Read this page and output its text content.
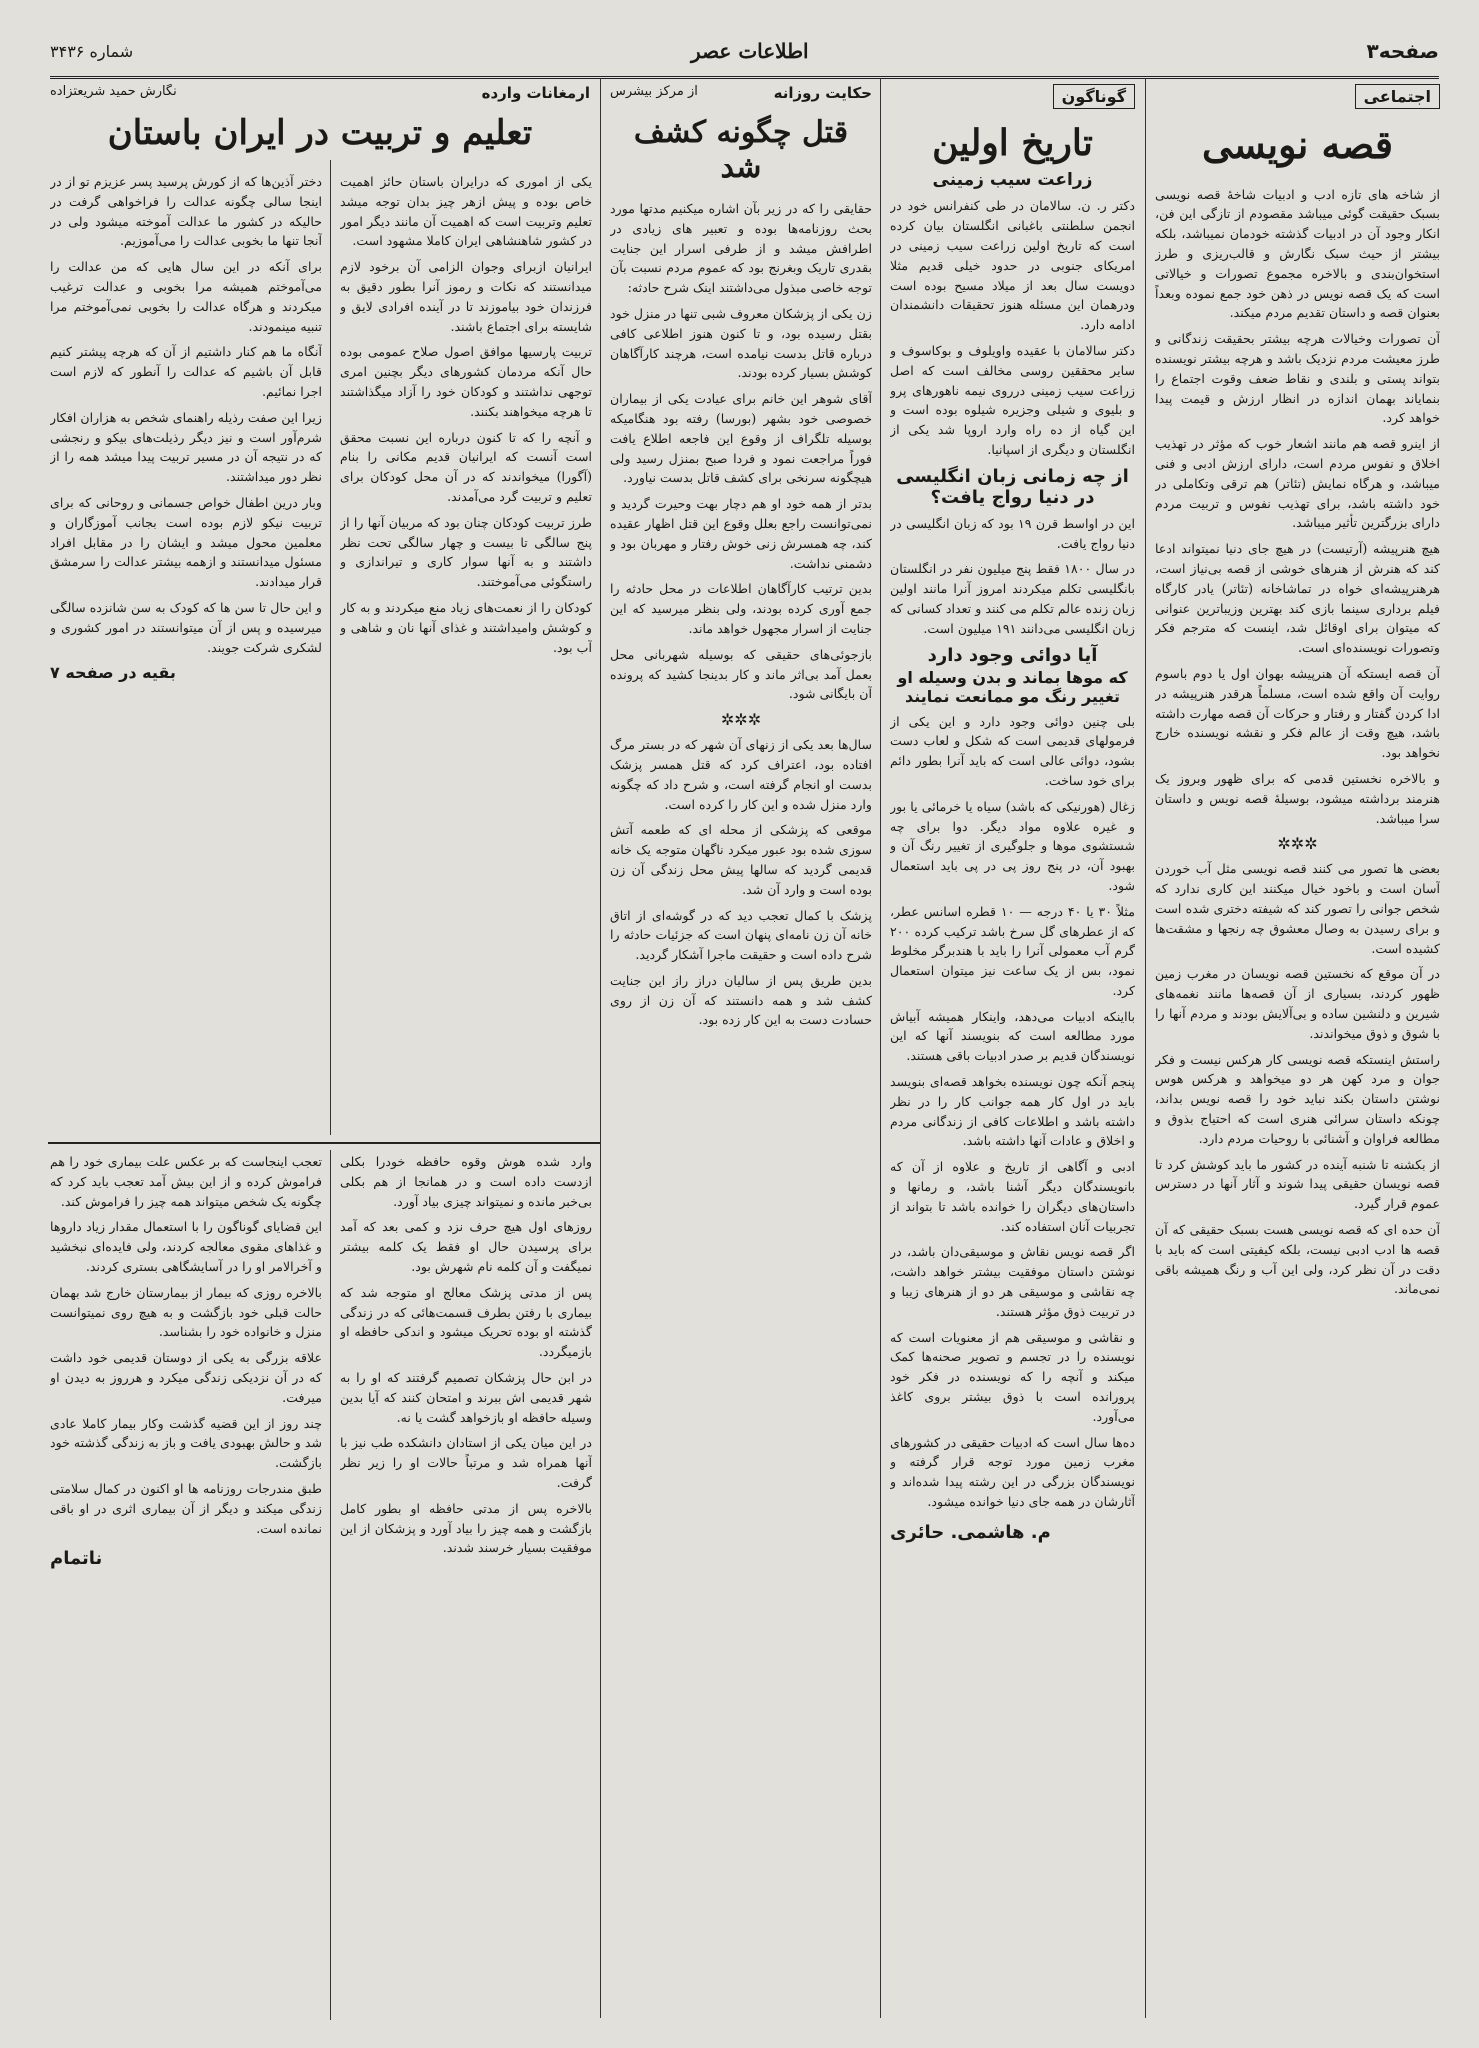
صفحه۳
اطلاعات عصر
شماره ۳۴۳۶
اجتماعی
قصه نویسی

از شاخه های تازه ادب و ادبیات شاخهٔ قصه نویسی بسبک حقیقت گوئی میباشد مقصودم از تازگی این فن، انکار وجود آن در ادبیات گذشته خودمان نمیباشد، بلکه بیشتر از حیث سبک نگارش و قالب‌ریزی و طرز استخوان‌بندی و بالاخره مجموع تصورات و خیالاتی است که یک قصه نویس در ذهن خود جمع نموده وبعداً بعنوان قصه و داستان تقدیم مردم میکند.

آن تصورات وخیالات هرچه بیشتر بحقیقت زندگانی و طرز معیشت مردم نزدیک باشد و هرچه بیشتر نویسنده بتواند پستی و بلندی و نقاط ضعف وقوت اجتماع را بنمایاند بهمان اندازه در انظار ارزش و قیمت پیدا خواهد کرد.

از اینرو قصه هم مانند اشعار خوب که مؤثر در تهذیب اخلاق و نفوس مردم است، دارای ارزش ادبی و فنی میباشد، و هرگاه نمایش (تئاتر) هم ترقی وتکاملی در خود داشته باشد، برای تهذیب نفوس و تربیت مردم دارای بزرگترین تأثیر میباشد.

هیچ هنرپیشه (آرتیست) در هیچ جای دنیا نمیتواند ادعا کند که هنرش از هنرهای خوشی از قصه بی‌نیاز است، هرهنرپیشه‌ای خواه در تماشاخانه (تئاتر) یادر کارگاه فیلم برداری سینما بازی کند بهترین وزیباترین عنوانی که میتوان برای اوقائل شد، اینست که مترجم فکر وتصورات نویسنده‌ای است.

آن قصه ایستکه آن هنرپیشه بهوان اول یا دوم باسوم روایت آن واقع شده است، مسلماً هرقدر هنرپیشه در ادا کردن گفتار و رفتار و حرکات آن قصه مهارت داشته باشد، هیچ وقت از عالم فکر و نقشه نویسنده خارج نخواهد بود.

و بالاخره نخستین قدمی که برای ظهور وبروز یک هنرمند برداشته میشود، بوسیلهٔ قصه نویس و داستان سرا میباشد.

✲✲✲

بعضی ها تصور می کنند قصه نویسی مثل آب خوردن آسان است و باخود خیال میکنند این کاری ندارد که شخص جوانی را تصور کند که شیفته دختری شده است و برای رسیدن به وصال معشوق چه رنجها و مشقت‌ها کشیده است.

در آن موقع که نخستین قصه نویسان در مغرب زمین ظهور کردند، بسیاری از آن قصه‌ها مانند نغمه‌های شیرین و دلنشین ساده و بی‌آلایش بودند و مردم آنها را با شوق و ذوق میخواندند.

راستش اینستکه قصه نویسی کار هرکس نیست و فکر جوان و مرد کهن هر دو میخواهد و هرکس هوس نوشتن داستان بکند نباید خود را قصه نویس بداند، چونکه داستان سرائی هنری است که احتیاج بذوق و مطالعه فراوان و آشنائی با روحیات مردم دارد.

از بکشنه تا شنبه آینده در کشور ما باید کوشش کرد تا قصه نویسان حقیقی پیدا شوند و آثار آنها در دسترس عموم قرار گیرد.

آن حده ای که قصه نویسی هست بسبک حقیقی که آن قصه ها ادب ادبی نیست، بلکه کیفیتی است که باید با دقت در آن نظر کرد، ولی این آب و رنگ همیشه باقی نمی‌ماند.

گوناگون
تاریخ اولین
زراعت سیب زمینی

دکتر ر. ن. سالامان در طی کنفرانس خود در انجمن سلطنتی باغبانی انگلستان بیان کرده است که تاریخ اولین زراعت سیب زمینی در امریکای جنوبی در حدود خیلی قدیم مثلا دویست سال بعد از میلاد مسیح بوده است ودرهمان این مسئله هنوز تحقیقات دانشمندان ادامه دارد.

دکتر سالامان با عقیده واویلوف و بوکاسوف و سایر محققین روسی مخالف است که اصل زراعت سیب زمینی درروی نیمه ناهورهای پرو و بلیوی و شیلی وجزیره شیلوه بوده است و این گیاه از ده راه وارد اروپا شد یکی از انگلستان و دیگری از اسپانیا.

از چه زمانی زبان انگلیسی در دنیا رواج یافت؟

این در اواسط قرن ۱۹ بود که زبان انگلیسی در دنیا رواج یافت.

در سال ۱۸۰۰ فقط پنج میلیون نفر در انگلستان بانگلیسی تکلم میکردند امروز آنرا مانند اولین زبان زنده عالم تکلم می کنند و تعداد کسانی که زبان انگلیسی می‌دانند ۱۹۱ میلیون است.

آیا دوائی وجود دارد
که موها بماند و بدن وسیله او تغییر رنگ مو ممانعت نمایند

بلی چنین دوائی وجود دارد و این یکی از فرمولهای قدیمی است که شکل و لعاب دست بشود، دوائی عالی است که باید آنرا بطور دائم برای خود ساخت.

زغال (هورنیکی که باشد) سیاه یا خرمائی یا بور و غیره علاوه مواد دیگر. دوا برای چه شستشوی موها و جلوگیری از تغییر رنگ آن و بهبود آن، در پنج روز پی در پی باید استعمال شود.

مثلاً ۳۰ یا ۴۰ درجه — ۱۰ قطره اسانس عطر، که از عطرهای گل سرخ باشد ترکیب کرده ۲۰۰ گرم آب معمولی آنرا را باید با هندبرگر مخلوط نمود، بس از یک ساعت نیز میتوان استعمال کرد.

بااینکه ادبیات می‌دهد، واینکار همیشه آبیاش مورد مطالعه است که بنویسند آنها که این نویسندگان قدیم بر صدر ادبیات باقی هستند.

پنجم آنکه چون نویسنده بخواهد قصه‌ای بنویسد باید در اول کار همه جوانب کار را در نظر داشته باشد و اطلاعات کافی از زندگانی مردم و اخلاق و عادات آنها داشته باشد.

ادبی و آگاهی از تاریخ و علاوه از آن که بانویسندگان دیگر آشنا باشد، و رمانها و داستان‌های دیگران را خوانده باشد تا بتواند از تجربیات آنان استفاده کند.

اگر قصه نویس نقاش و موسیقی‌دان باشد، در نوشتن داستان موفقیت بیشتر خواهد داشت، چه نقاشی و موسیقی هر دو از هنرهای زیبا و در تربیت ذوق مؤثر هستند.

و نقاشی و موسیقی هم از معنویات است که نویسنده را در تجسم و تصویر صحنه‌ها کمک میکند و آنچه را که نویسنده در فکر خود پرورانده است با ذوق بیشتر بروی کاغذ می‌آورد.

ده‌ها سال است که ادبیات حقیقی در کشورهای مغرب زمین مورد توجه قرار گرفته و نویسندگان بزرگی در این رشته پیدا شده‌اند و آثارشان در همه جای دنیا خوانده میشود.

م. هاشمی. حائری
حکایت روزانه
از مرکز بیشرس
قتل چگونه کشف شد

حقایقی را که در زیر بآن اشاره میکنیم مدتها مورد بحث روزنامه‌ها بوده و تعبیر های زیادی در اطرافش میشد و از طرفی اسرار این جنایت بقدری تاریک وبغرنج بود که عموم مردم نسبت بآن توجه خاصی مبذول می‌داشتند اینک شرح حادثه:

زن یکی از پزشکان معروف شبی تنها در منزل خود بقتل رسیده بود، و تا کنون هنوز اطلاعی کافی درباره قاتل بدست نیامده است، هرچند کارآگاهان کوشش بسیار کرده بودند.

آقای شوهر این خانم برای عیادت یکی از بیماران خصوصی خود بشهر (بورسا) رفته بود هنگامیکه بوسیله تلگراف از وقوع این فاجعه اطلاع یافت فوراً مراجعت نمود و فردا صبح بمنزل رسید ولی هیچگونه سرنخی برای کشف قاتل بدست نیاورد.

بدتر از همه خود او هم دچار بهت وحیرت گردید و نمی‌توانست راجع بعلل وقوع این قتل اظهار عقیده کند، چه همسرش زنی خوش رفتار و مهربان بود و دشمنی نداشت.

بدین ترتیب کارآگاهان اطلاعات در محل حادثه را جمع آوری کرده بودند، ولی بنظر میرسید که این جنایت از اسرار مجهول خواهد ماند.

بازجوئی‌های حقیقی که بوسیله شهربانی محل بعمل آمد بی‌اثر ماند و کار بدینجا کشید که پرونده آن بایگانی شود.

✲✲✲

سال‌ها بعد یکی از زنهای آن شهر که در بستر مرگ افتاده بود، اعتراف کرد که قتل همسر پزشک بدست او انجام گرفته است، و شرح داد که چگونه وارد منزل شده و این کار را کرده است.

موقعی که پزشکی از محله ای که طعمه آتش سوزی شده بود عبور میکرد ناگهان متوجه یک خانه قدیمی گردید که سالها پیش محل زندگی آن زن بوده است و وارد آن شد.

پزشک با کمال تعجب دید که در گوشه‌ای از اتاق خانه آن زن نامه‌ای پنهان است که جزئیات حادثه را شرح داده است و حقیقت ماجرا آشکار گردید.

بدین طریق پس از سالیان دراز راز این جنایت کشف شد و همه دانستند که آن زن از روی حسادت دست به این کار زده بود.

ارمغانات وارده
نگارش حمید شریعتزاده
تعلیم و تربیت در ایران باستان

یکی از اموری که درایران باستان حائز اهمیت خاص بوده و پیش ازهر چیز بدان توجه میشد تعلیم وتربیت است که اهمیت آن مانند دیگر امور در کشور شاهنشاهی ایران کاملا مشهود است.

ایرانیان ازبرای وجوان الزامی آن برخود لازم میدانستند که نکات و رموز آنرا بطور دقیق به فرزندان خود بیاموزند تا در آینده افرادی لایق و شایسته برای اجتماع باشند.

تربیت پارسیها موافق اصول صلاح عمومی بوده حال آنکه مردمان کشورهای دیگر بچنین امری توجهی نداشتند و کودکان خود را آزاد میگذاشتند تا هرچه میخواهند بکنند.

و آنچه را که تا کنون درباره این نسبت محقق است آنست که ایرانیان قدیم مکانی را بنام (آگورا) میخواندند که در آن محل کودکان برای تعلیم و تربیت گرد می‌آمدند.

طرز تربیت کودکان چنان بود که مربیان آنها را از پنج سالگی تا بیست و چهار سالگی تحت نظر داشتند و به آنها سوار کاری و تیراندازی و راستگوئی می‌آموختند.

کودکان را از نعمت‌های زیاد منع میکردند و به کار و کوشش وامیداشتند و غذای آنها نان و شاهی و آب بود.

دختر آذین‌ها که از کورش پرسید پسر عزیزم تو از در اینجا سالی چگونه عدالت را فراخواهی گرفت در حالیکه در کشور ما عدالت آموخته میشود ولی در آنجا تنها ما بخوبی عدالت را می‌آموزیم.

برای آنکه در این سال هایی که من عدالت را می‌آموختم همیشه مرا بخوبی و عدالت ترغیب میکردند و هرگاه عدالت را بخوبی نمی‌آموختم مرا تنبیه مینمودند.

آنگاه ما هم کنار داشتیم از آن که هرچه پیشتر کنیم قابل آن باشیم که عدالت را آنطور که لازم است اجرا نمائیم.

زیرا این صفت رذیله راهنمای شخص به هزاران افکار شرم‌آور است و نیز دیگر رذیلت‌های بیکو و رنجشی که در نتیجه آن در مسیر تربیت پیدا میشد همه را از نظر دور میداشتند.

وبار درین اطفال خواص جسمانی و روحانی که برای تربیت نیکو لازم بوده است بجانب آموزگاران و معلمین محول میشد و ایشان را در مقابل افراد مسئول میدانستند و ازهمه بیشتر عدالت را سرمشق قرار میدادند.

و این حال تا سن ها که کودک به سن شانزده سالگی میرسیده و پس از آن میتوانستند در امور کشوری و لشکری شرکت جویند.

بقیه در صفحه ۷

وارد شده هوش وقوه حافظه خودرا بکلی ازدست داده است و در همانجا از هم بکلی بی‌خبر مانده و نمیتواند چیزی بیاد آورد.

روزهای اول هیچ حرف نزد و کمی بعد که آمد برای پرسیدن حال او فقط یک کلمه بیشتر نمیگفت و آن کلمه نام شهرش بود.

پس از مدتی پزشک معالج او متوجه شد که بیماری با رفتن بطرف قسمت‌هائی که در زندگی گذشته او بوده تحریک میشود و اندکی حافظه او بازمیگردد.

در ابن حال پزشکان تصمیم گرفتند که او را به شهر قدیمی اش ببرند و امتحان کنند که آیا بدین وسیله حافظه او بازخواهد گشت یا نه.

در این میان یکی از استادان دانشکده طب نیز با آنها همراه شد و مرتباً حالات او را زیر نظر گرفت.

بالاخره پس از مدتی حافظه او بطور کامل بازگشت و همه چیز را بیاد آورد و پزشکان از این موفقیت بسیار خرسند شدند.

تعجب اینجاست که بر عکس علت بیماری خود را هم فراموش کرده و از این بیش آمد تعجب باید کرد که چگونه یک شخص میتواند همه چیز را فراموش کند.

این قضایای گوناگون را با استعمال مقدار زیاد داروها و غذاهای مقوی معالجه کردند، ولی فایده‌ای نبخشید و آخرالامر او را در آسایشگاهی بستری کردند.

بالاخره روزی که بیمار از بیمارستان خارج شد بهمان حالت قبلی خود بازگشت و به هیچ روی نمیتوانست منزل و خانواده خود را بشناسد.

علاقه بزرگی به یکی از دوستان قدیمی خود داشت که در آن نزدیکی زندگی میکرد و هرروز به دیدن او میرفت.

چند روز از این قضیه گذشت وکار بیمار کاملا عادی شد و حالش بهبودی یافت و باز به زندگی گذشته خود بازگشت.

طبق مندرجات روزنامه ها او اکنون در کمال سلامتی زندگی میکند و دیگر از آن بیماری اثری در او باقی نمانده است.

ناتمام
